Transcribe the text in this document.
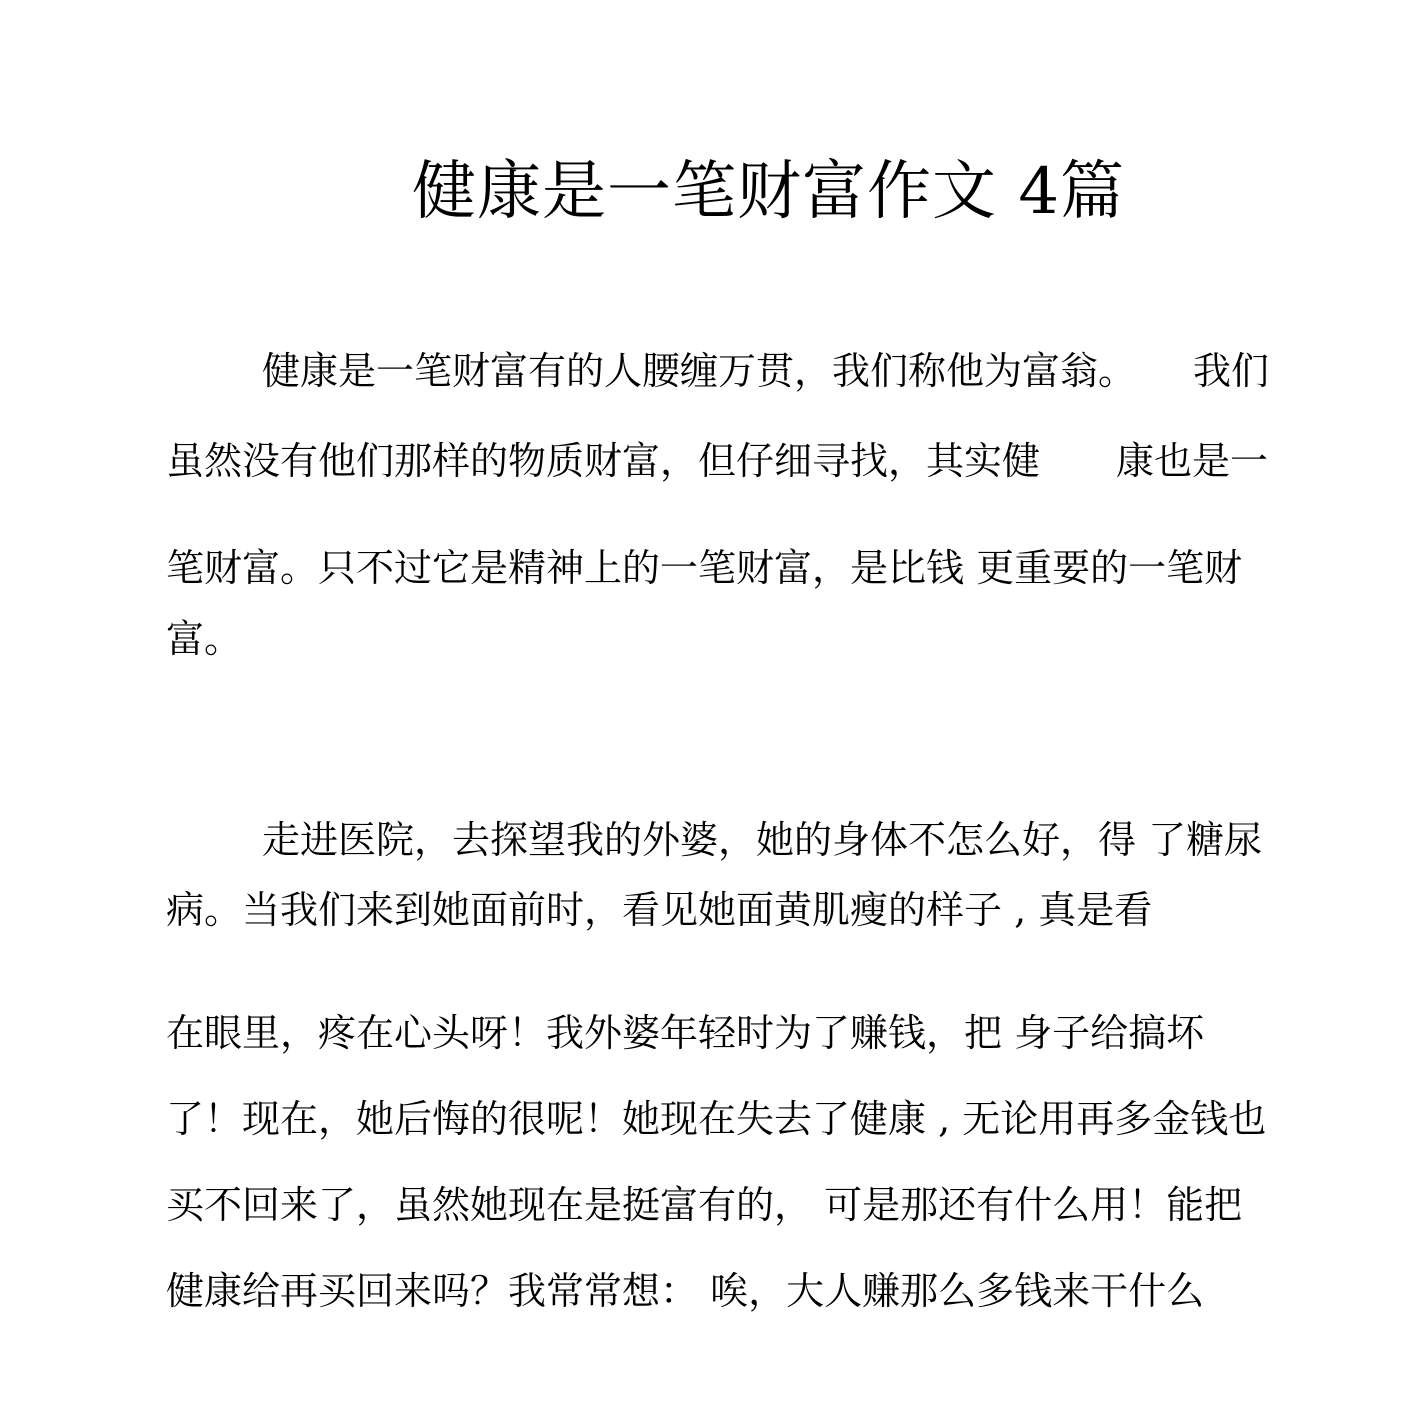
健康是一笔财富作文 4篇
健康是一笔财富有的人腰缠万贯，我们称他为富翁。　　我们
虽然没有他们那样的物质财富，但仔细寻找，其实健　　康也是一
笔财富。只不过它是精神上的一笔财富，是比钱 更重要的一笔财
富。
走进医院，去探望我的外婆，她的身体不怎么好，得 了糖尿
病。当我们来到她面前时，看见她面黄肌瘦的样子 , 真是看
在眼里，疼在心头呀！我外婆年轻时为了赚钱，把 身子给搞坏
了！现在，她后悔的很呢！她现在失去了健康 , 无论用再多金钱也
买不回来了，虽然她现在是挺富有的， 可是那还有什么用！能把
健康给再买回来吗？我常常想： 唉，大人赚那么多钱来干什么
